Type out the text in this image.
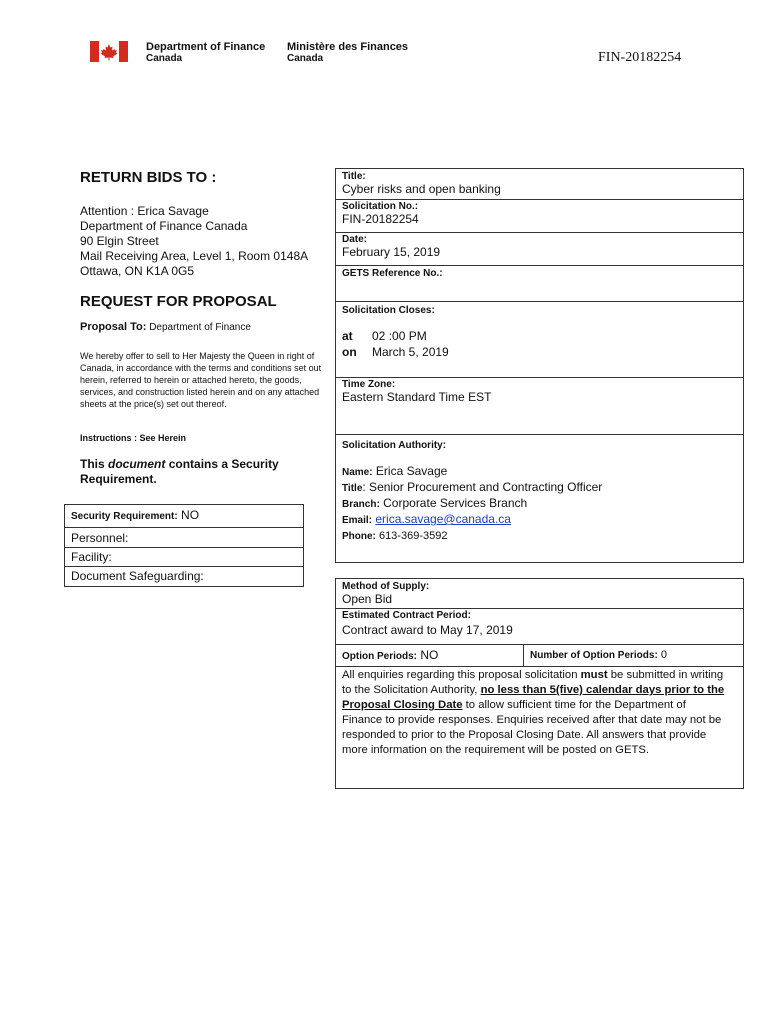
Department of Finance
Canada
Ministère des Finances
Canada	FIN-20182254
RETURN BIDS TO :
Attention : Erica Savage
Department of Finance Canada
90 Elgin Street
Mail Receiving Area, Level 1, Room 0148A
Ottawa, ON K1A 0G5
REQUEST FOR PROPOSAL
Proposal To: Department of Finance
We hereby offer to sell to Her Majesty the Queen in right of Canada, in accordance with the terms and conditions set out herein, referred to herein or attached hereto, the goods, services, and construction listed herein and on any attached sheets at the price(s) set out thereof.
Instructions : See Herein
This document contains a Security Requirement.
Security Requirement: NO
Personnel:
Facility:
Document Safeguarding:
Title:
Cyber risks and open banking
Solicitation No.:
FIN-20182254
Date:
February 15, 2019
GETS Reference No.:
Solicitation Closes:
at 02 :00 PM
on March 5, 2019
Time Zone:
Eastern Standard Time EST
Solicitation Authority:
Name: Erica Savage
Title: Senior Procurement and Contracting Officer
Branch: Corporate Services Branch
Email: erica.savage@canada.ca
Phone: 613-369-3592
Method of Supply:
Open Bid
Estimated Contract Period:
Contract award to May 17, 2019
Option Periods: NO	Number of Option Periods: 0
All enquiries regarding this proposal solicitation must be submitted in writing to the Solicitation Authority, no less than 5(five) calendar days prior to the Proposal Closing Date to allow sufficient time for the Department of Finance to provide responses. Enquiries received after that date may not be responded to prior to the Proposal Closing Date. All answers that provide more information on the requirement will be posted on GETS.
